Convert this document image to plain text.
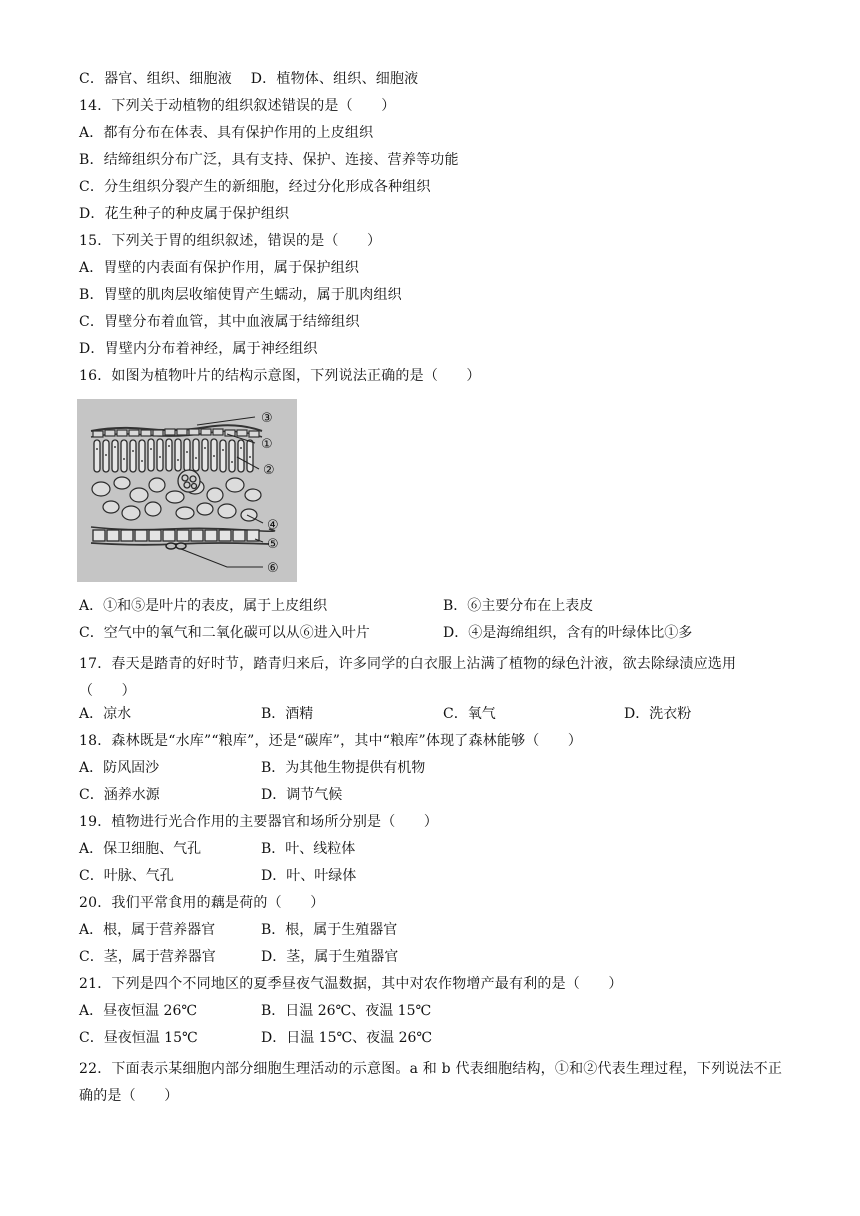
C．器官、组织、细胞液　 D．植物体、组织、细胞液
14．下列关于动植物的组织叙述错误的是（　　）
A．都有分布在体表、具有保护作用的上皮组织
B．结缔组织分布广泛，具有支持、保护、连接、营养等功能
C．分生组织分裂产生的新细胞，经过分化形成各种组织
D．花生种子的种皮属于保护组织
15．下列关于胃的组织叙述，错误的是（　　）
A．胃壁的内表面有保护作用，属于保护组织
B．胃壁的肌肉层收缩使胃产生蠕动，属于肌肉组织
C．胃壁分布着血管，其中血液属于结缔组织
D．胃壁内分布着神经，属于神经组织
16．如图为植物叶片的结构示意图，下列说法正确的是（　　）
③
①
②
④
⑤
⑥
A．①和⑤是叶片的表皮，属于上皮组织	B．⑥主要分布在上表皮
C．空气中的氧气和二氧化碳可以从⑥进入叶片	D．④是海绵组织，含有的叶绿体比①多
17．春天是踏青的好时节，踏青归来后，许多同学的白衣服上沾满了植物的绿色汁液，欲去除绿渍应选用（　　）
A．凉水	B．酒精	C．氧气	D．洗衣粉
18．森林既是“水库”“粮库”，还是“碳库”，其中“粮库”体现了森林能够（　　）
A．防风固沙	B．为其他生物提供有机物
C．涵养水源	D．调节气候
19．植物进行光合作用的主要器官和场所分别是（　　）
A．保卫细胞、气孔	B．叶、线粒体
C．叶脉、气孔	D．叶、叶绿体
20．我们平常食用的藕是荷的（　　）
A．根，属于营养器官	B．根，属于生殖器官
C．茎，属于营养器官	D．茎，属于生殖器官
21．下列是四个不同地区的夏季昼夜气温数据，其中对农作物增产最有利的是（　　）
A．昼夜恒温 26℃	B．日温 26℃、夜温 15℃
C．昼夜恒温 15℃	D．日温 15℃、夜温 26℃
22．下面表示某细胞内部分细胞生理活动的示意图。a 和 b 代表细胞结构，①和②代表生理过程，下列说法不正确的是（　　）
